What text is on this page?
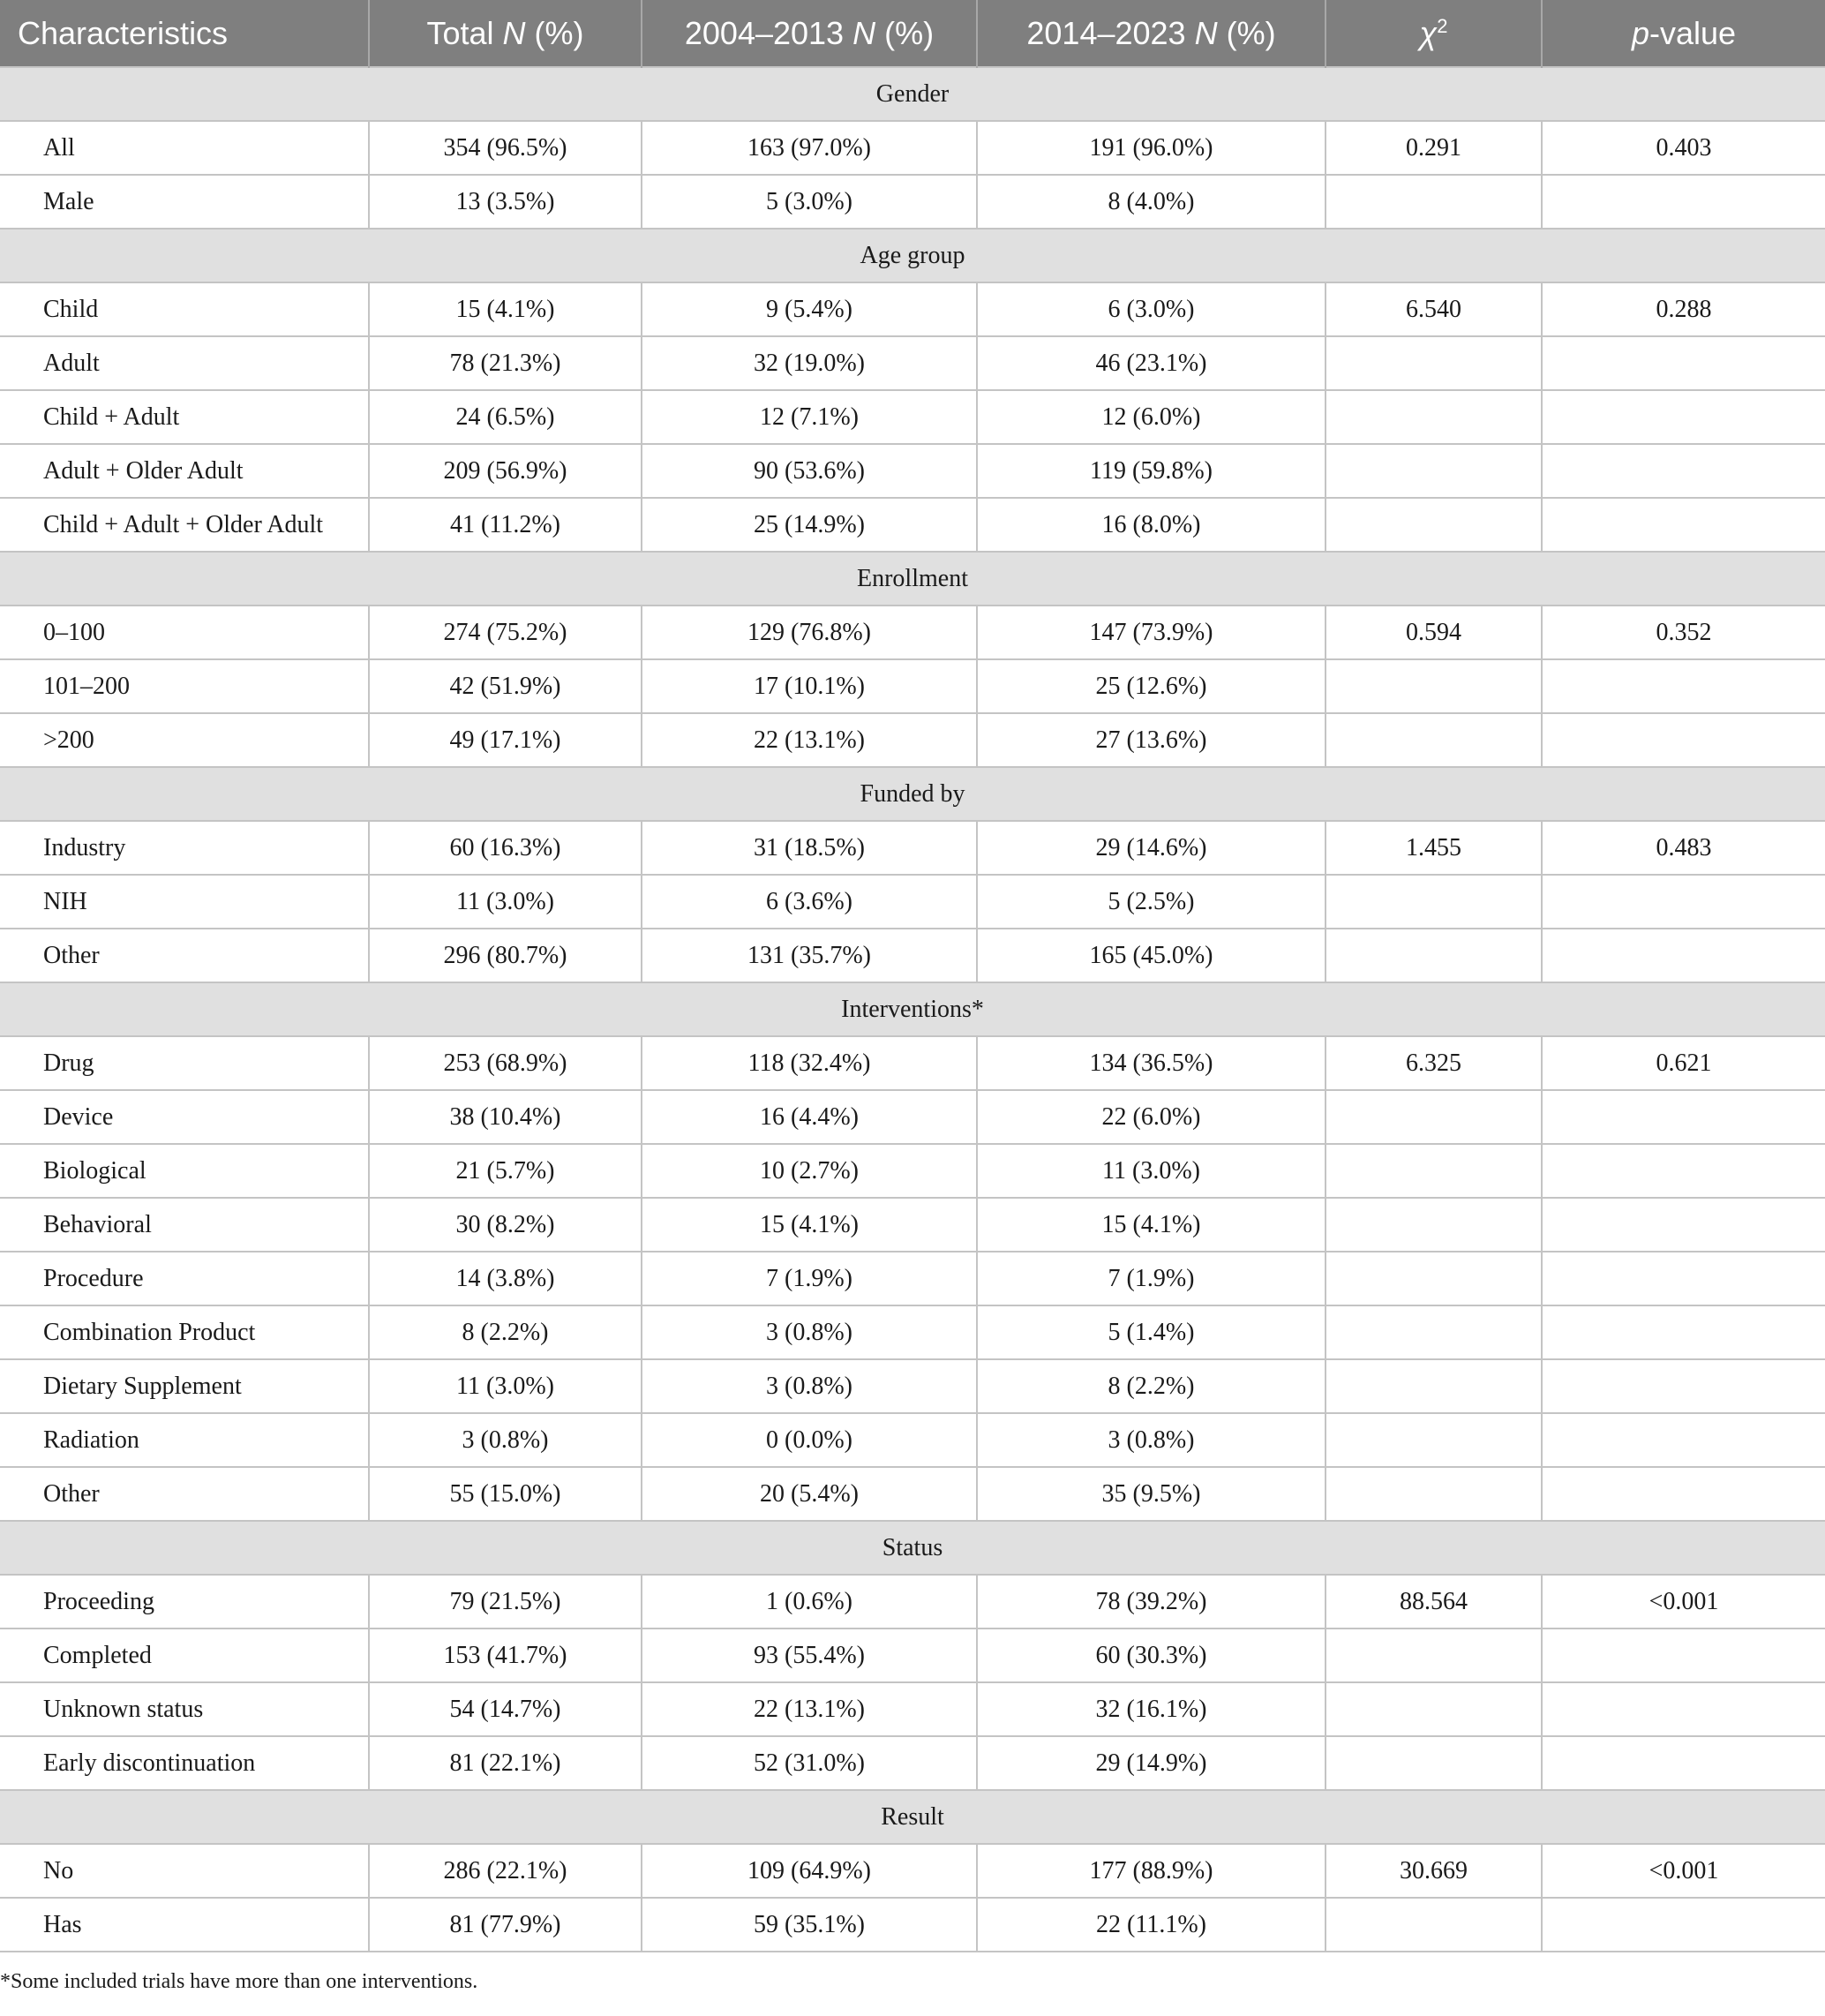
Characteristics	Total N (%)	2004–2013 N (%)	2014–2023 N (%)	$\chi^2$	p-value
Gender					
All	354 (96.5%)	163 (97.0%)	191 (96.0%)	0.291	0.403
Male	13 (3.5%)	5 (3.0%)	8 (4.0%)		
Age group					
Child	15 (4.1%)	9 (5.4%)	6 (3.0%)	6.540	0.288
Adult	78 (21.3%)	32 (19.0%)	46 (23.1%)		
Child + Adult	24 (6.5%)	12 (7.1%)	12 (6.0%)		
Adult + Older Adult	209 (56.9%)	90 (53.6%)	119 (59.8%)		
Child + Adult + Older Adult	41 (11.2%)	25 (14.9%)	16 (8.0%)		
Enrollment					
0–100	274 (75.2%)	129 (76.8%)	147 (73.9%)	0.594	0.352
101–200	42 (51.9%)	17 (10.1%)	25 (12.6%)		
>200	49 (17.1%)	22 (13.1%)	27 (13.6%)		
Funded by					
Industry	60 (16.3%)	31 (18.5%)	29 (14.6%)	1.455	0.483
NIH	11 (3.0%)	6 (3.6%)	5 (2.5%)		
Other	296 (80.7%)	131 (35.7%)	165 (45.0%)		
Interventions*					
Drug	253 (68.9%)	118 (32.4%)	134 (36.5%)	6.325	0.621
Device	38 (10.4%)	16 (4.4%)	22 (6.0%)		
Biological	21 (5.7%)	10 (2.7%)	11 (3.0%)		
Behavioral	30 (8.2%)	15 (4.1%)	15 (4.1%)		
Procedure	14 (3.8%)	7 (1.9%)	7 (1.9%)		
Combination Product	8 (2.2%)	3 (0.8%)	5 (1.4%)		
Dietary Supplement	11 (3.0%)	3 (0.8%)	8 (2.2%)		
Radiation	3 (0.8%)	0 (0.0%)	3 (0.8%)		
Other	55 (15.0%)	20 (5.4%)	35 (9.5%)		
Status					
Proceeding	79 (21.5%)	1 (0.6%)	78 (39.2%)	88.564	<0.001
Completed	153 (41.7%)	93 (55.4%)	60 (30.3%)		
Unknown status	54 (14.7%)	22 (13.1%)	32 (16.1%)		
Early discontinuation	81 (22.1%)	52 (31.0%)	29 (14.9%)		
Result					
No	286 (22.1%)	109 (64.9%)	177 (88.9%)	30.669	<0.001
Has	81 (77.9%)	59 (35.1%)	22 (11.1%)		
*Some included trials have more than one interventions.
